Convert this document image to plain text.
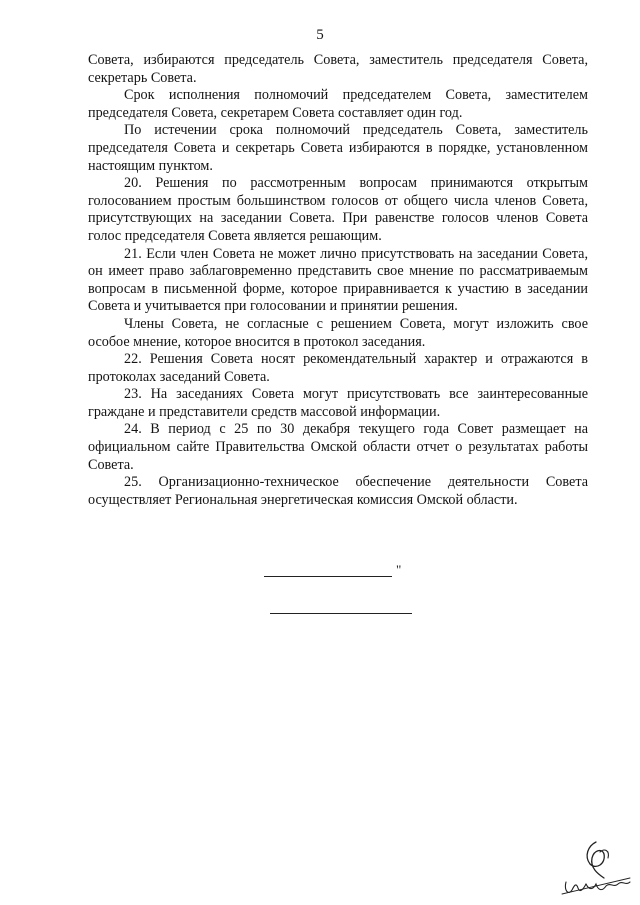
5

Совета, избираются председатель Совета, заместитель председателя Совета, секретарь Совета.

Срок исполнения полномочий председателем Совета, заместителем председателя Совета, секретарем Совета составляет один год.

По истечении срока полномочий председатель Совета, заместитель председателя Совета и секретарь Совета избираются в порядке, установленном настоящим пунктом.

20. Решения по рассмотренным вопросам принимаются открытым голосованием простым большинством голосов от общего числа членов Совета, присутствующих на заседании Совета. При равенстве голосов членов Совета голос председателя Совета является решающим.

21. Если член Совета не может лично присутствовать на заседании Совета, он имеет право заблаговременно представить свое мнение по рассматриваемым вопросам в письменной форме, которое приравнивается к участию в заседании Совета и учитывается при голосовании и принятии решения.

Члены Совета, не согласные с решением Совета, могут изложить свое особое мнение, которое вносится в протокол заседания.

22. Решения Совета носят рекомендательный характер и отражаются в протоколах заседаний Совета.

23. На заседаниях Совета могут присутствовать все заинтересованные граждане и представители средств массовой информации.

24. В период с 25 по 30 декабря текущего года Совет размещает на официальном сайте Правительства Омской области отчет о результатах работы Совета.

25. Организационно-техническое обеспечение деятельности Совета осуществляет Региональная энергетическая комиссия Омской области.

"
